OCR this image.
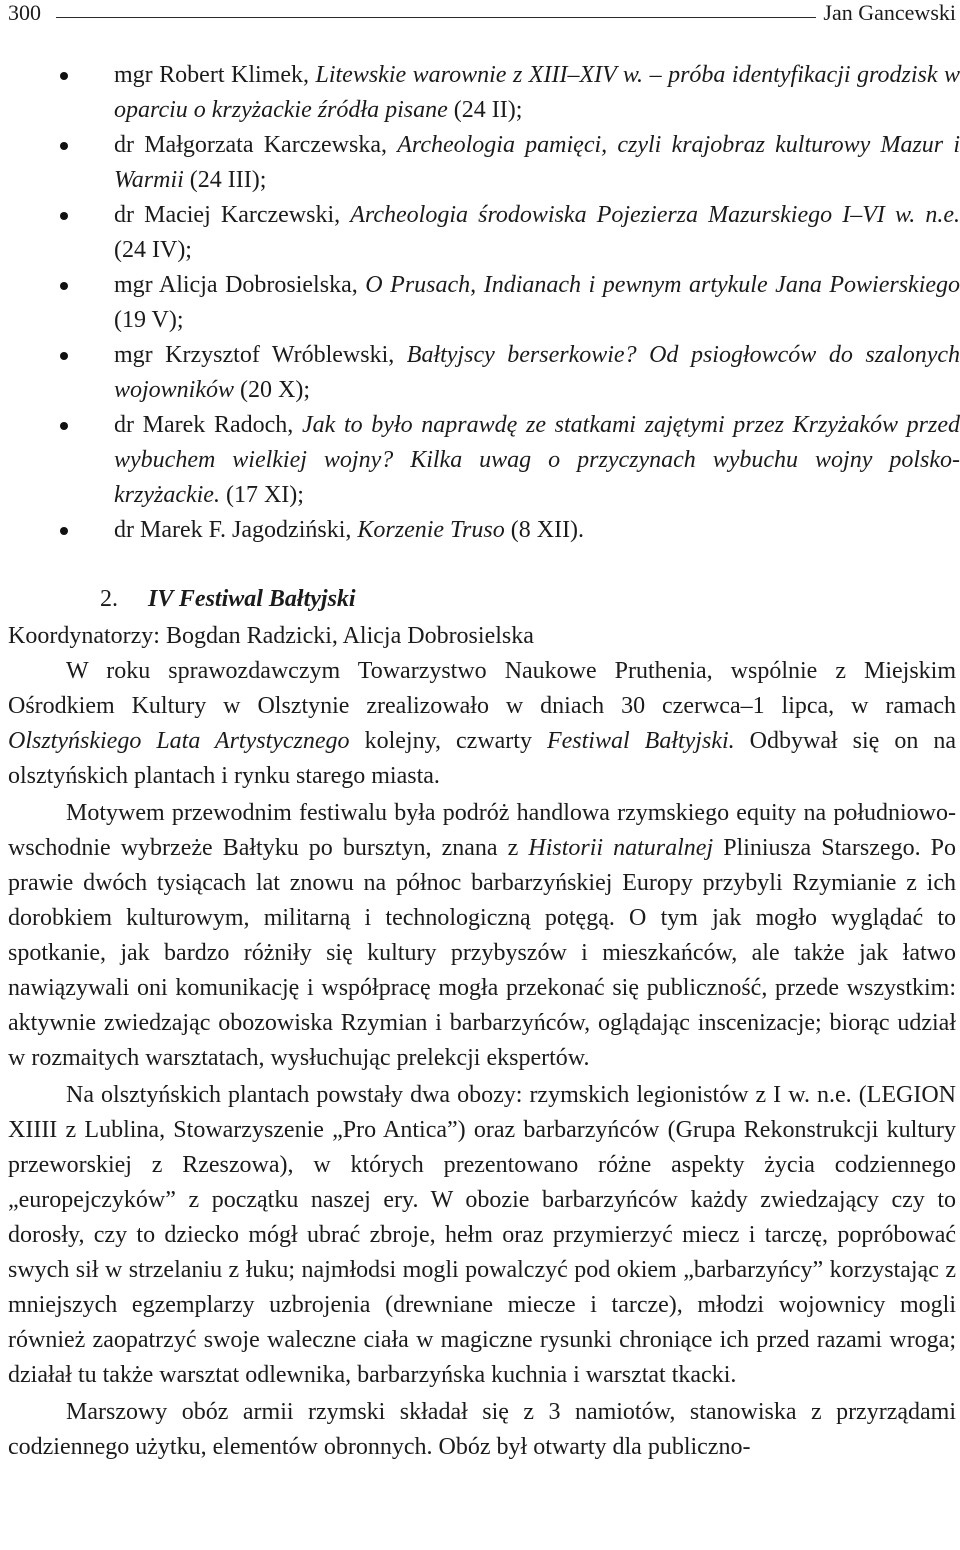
300	Jan Gancewski
mgr Robert Klimek, Litewskie warownie z XIII–XIV w. – próba identyfikacji grodzisk w oparciu o krzyżackie źródła pisane (24 II);
dr Małgorzata Karczewska, Archeologia pamięci, czyli krajobraz kulturowy Mazur i Warmii (24 III);
dr Maciej Karczewski, Archeologia środowiska Pojezierza Mazurskiego I–VI w. n.e. (24 IV);
mgr Alicja Dobrosielska, O Prusach, Indianach i pewnym artykule Jana Powierskiego (19 V);
mgr Krzysztof Wróblewski, Bałtyjscy berserkowie? Od psiogłowców do szalonych wojowników (20 X);
dr Marek Radoch, Jak to było naprawdę ze statkami zajętymi przez Krzyżaków przed wybuchem wielkiej wojny? Kilka uwag o przyczynach wybuchu wojny polsko-krzyżackie. (17 XI);
dr Marek F. Jagodziński, Korzenie Truso (8 XII).
2. IV Festiwal Bałtyjski

Koordynatorzy: Bogdan Radzicki, Alicja Dobrosielska

W roku sprawozdawczym Towarzystwo Naukowe Pruthenia, wspólnie z Miejskim Ośrodkiem Kultury w Olsztynie zrealizowało w dniach 30 czerwca–1 lipca, w ramach Olsztyńskiego Lata Artystycznego kolejny, czwarty Festiwal Bałtyjski. Odbywał się on na olsztyńskich plantach i rynku starego miasta.

Motywem przewodnim festiwalu była podróż handlowa rzymskiego equity na południowo-wschodnie wybrzeże Bałtyku po bursztyn, znana z Historii naturalnej Pliniusza Starszego. Po prawie dwóch tysiącach lat znowu na północ barbarzyńskiej Europy przybyli Rzymianie z ich dorobkiem kulturowym, militarną i technologiczną potęgą. O tym jak mogło wyglądać to spotkanie, jak bardzo różniły się kultury przybyszów i mieszkańców, ale także jak łatwo nawiązywali oni komunikację i współpracę mogła przekonać się publiczność, przede wszystkim: aktywnie zwiedzając obozowiska Rzymian i barbarzyńców, oglądając inscenizacje; biorąc udział w rozmaitych warsztatach, wysłuchując prelekcji ekspertów.

Na olsztyńskich plantach powstały dwa obozy: rzymskich legionistów z I w. n.e. (LEGION XIIII z Lublina, Stowarzyszenie „Pro Antica”) oraz barbarzyńców (Grupa Rekonstrukcji kultury przeworskiej z Rzeszowa), w których prezentowano różne aspekty życia codziennego „europejczyków” z początku naszej ery. W obozie barbarzyńców każdy zwiedzający czy to dorosły, czy to dziecko mógł ubrać zbroje, hełm oraz przymierzyć miecz i tarczę, popróbować swych sił w strzelaniu z łuku; najmłodsi mogli powalczyć pod okiem „barbarzyńcy” korzystając z mniejszych egzemplarzy uzbrojenia (drewniane miecze i tarcze), młodzi wojownicy mogli również zaopatrzyć swoje waleczne ciała w magiczne rysunki chroniące ich przed razami wroga; działał tu także warsztat odlewnika, barbarzyńska kuchnia i warsztat tkacki.

Marszowy obóz armii rzymski składał się z 3 namiotów, stanowiska z przyrządami codziennego użytku, elementów obronnych. Obóz był otwarty dla publiczno-
